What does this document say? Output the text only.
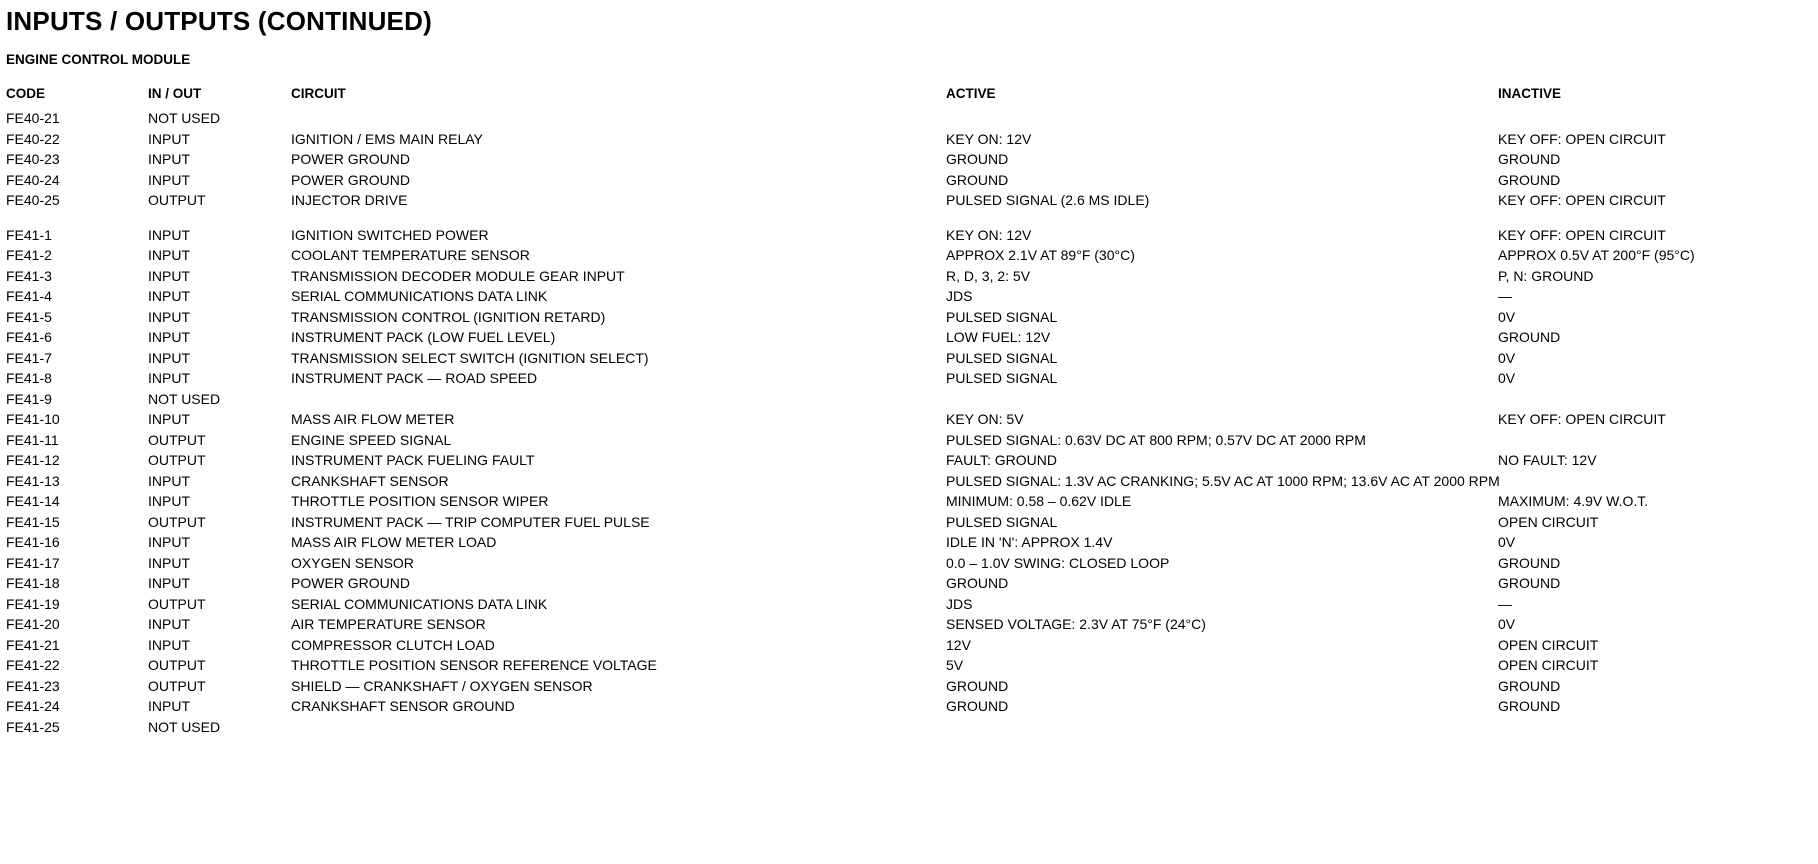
INPUTS / OUTPUTS (CONTINUED)
ENGINE CONTROL MODULE
CODE	IN / OUT	CIRCUIT	ACTIVE	INACTIVE
FE40-21	NOT USED
FE40-22	INPUT	IGNITION / EMS MAIN RELAY	KEY ON: 12V	KEY OFF: OPEN CIRCUIT
FE40-23	INPUT	POWER GROUND	GROUND	GROUND
FE40-24	INPUT	POWER GROUND	GROUND	GROUND
FE40-25	OUTPUT	INJECTOR DRIVE	PULSED SIGNAL (2.6 MS IDLE)	KEY OFF: OPEN CIRCUIT
FE41-1	INPUT	IGNITION SWITCHED POWER	KEY ON: 12V	KEY OFF: OPEN CIRCUIT
FE41-2	INPUT	COOLANT TEMPERATURE SENSOR	APPROX 2.1V AT 89°F (30°C)	APPROX 0.5V AT 200°F (95°C)
FE41-3	INPUT	TRANSMISSION DECODER MODULE GEAR INPUT	R, D, 3, 2: 5V	P, N: GROUND
FE41-4	INPUT	SERIAL COMMUNICATIONS DATA LINK	JDS	—
FE41-5	INPUT	TRANSMISSION CONTROL (IGNITION RETARD)	PULSED SIGNAL	0V
FE41-6	INPUT	INSTRUMENT PACK (LOW FUEL LEVEL)	LOW FUEL: 12V	GROUND
FE41-7	INPUT	TRANSMISSION SELECT SWITCH (IGNITION SELECT)	PULSED SIGNAL	0V
FE41-8	INPUT	INSTRUMENT PACK — ROAD SPEED	PULSED SIGNAL	0V
FE41-9	NOT USED
FE41-10	INPUT	MASS AIR FLOW METER	KEY ON: 5V	KEY OFF: OPEN CIRCUIT
FE41-11	OUTPUT	ENGINE SPEED SIGNAL	PULSED SIGNAL: 0.63V DC AT 800 RPM; 0.57V DC AT 2000 RPM
FE41-12	OUTPUT	INSTRUMENT PACK FUELING FAULT	FAULT: GROUND	NO FAULT: 12V
FE41-13	INPUT	CRANKSHAFT SENSOR	PULSED SIGNAL: 1.3V AC CRANKING; 5.5V AC AT 1000 RPM; 13.6V AC AT 2000 RPM
FE41-14	INPUT	THROTTLE POSITION SENSOR WIPER	MINIMUM: 0.58 – 0.62V IDLE	MAXIMUM: 4.9V W.O.T.
FE41-15	OUTPUT	INSTRUMENT PACK — TRIP COMPUTER FUEL PULSE	PULSED SIGNAL	OPEN CIRCUIT
FE41-16	INPUT	MASS AIR FLOW METER LOAD	IDLE IN 'N': APPROX 1.4V	0V
FE41-17	INPUT	OXYGEN SENSOR	0.0 – 1.0V SWING: CLOSED LOOP	GROUND
FE41-18	INPUT	POWER GROUND	GROUND	GROUND
FE41-19	OUTPUT	SERIAL COMMUNICATIONS DATA LINK	JDS	—
FE41-20	INPUT	AIR TEMPERATURE SENSOR	SENSED VOLTAGE: 2.3V AT 75°F (24°C)	0V
FE41-21	INPUT	COMPRESSOR CLUTCH LOAD	12V	OPEN CIRCUIT
FE41-22	OUTPUT	THROTTLE POSITION SENSOR REFERENCE VOLTAGE	5V	OPEN CIRCUIT
FE41-23	OUTPUT	SHIELD — CRANKSHAFT / OXYGEN SENSOR	GROUND	GROUND
FE41-24	INPUT	CRANKSHAFT SENSOR GROUND	GROUND	GROUND
FE41-25	NOT USED
